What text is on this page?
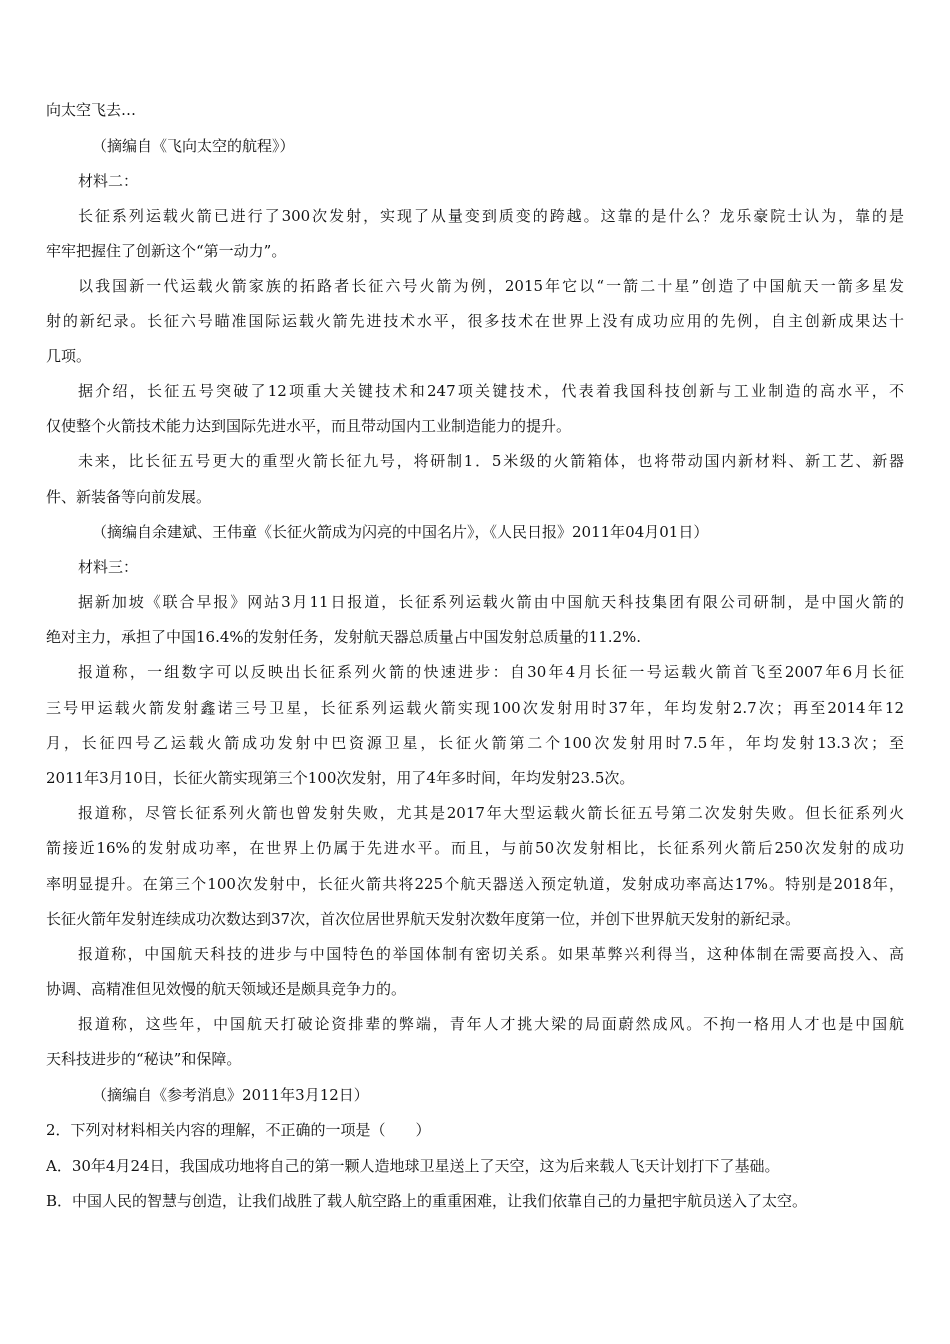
向太空飞去…
（摘编自《飞向太空的航程》）
材料二：
长征系列运载火箭已进行了300次发射，实现了从量变到质变的跨越。这靠的是什么？龙乐豪院士认为，靠的是
牢牢把握住了创新这个“第一动力”。
以我国新一代运载火箭家族的拓路者长征六号火箭为例，2015年它以“一箭二十星”创造了中国航天一箭多星发
射的新纪录。长征六号瞄准国际运载火箭先进技术水平，很多技术在世界上没有成功应用的先例，自主创新成果达十
几项。
据介绍，长征五号突破了12项重大关键技术和247项关键技术，代表着我国科技创新与工业制造的高水平，不
仅使整个火箭技术能力达到国际先进水平，而且带动国内工业制造能力的提升。
未来，比长征五号更大的重型火箭长征九号，将研制1．5米级的火箭箱体，也将带动国内新材料、新工艺、新器
件、新装备等向前发展。
（摘编自余建斌、王伟童《长征火箭成为闪亮的中国名片》，《人民日报》2011年04月01日）
材料三：
据新加坡《联合早报》网站3月11日报道，长征系列运载火箭由中国航天科技集团有限公司研制，是中国火箭的
绝对主力，承担了中国16.4%的发射任务，发射航天器总质量占中国发射总质量的11.2%.
报道称，一组数字可以反映出长征系列火箭的快速进步：自30年4月长征一号运载火箭首飞至2007年6月长征
三号甲运载火箭发射鑫诺三号卫星，长征系列运载火箭实现100次发射用时37年，年均发射2.7次；再至2014年12
月，长征四号乙运载火箭成功发射中巴资源卫星，长征火箭第二个100次发射用时7.5年，年均发射13.3次；至
2011年3月10日，长征火箭实现第三个100次发射，用了4年多时间，年均发射23.5次。
报道称，尽管长征系列火箭也曾发射失败，尤其是2017年大型运载火箭长征五号第二次发射失败。但长征系列火
箭接近16%的发射成功率，在世界上仍属于先进水平。而且，与前50次发射相比，长征系列火箭后250次发射的成功
率明显提升。在第三个100次发射中，长征火箭共将225个航天器送入预定轨道，发射成功率高达17%。特别是2018年，
长征火箭年发射连续成功次数达到37次，首次位居世界航天发射次数年度第一位，并创下世界航天发射的新纪录。
报道称，中国航天科技的进步与中国特色的举国体制有密切关系。如果革弊兴利得当，这种体制在需要高投入、高
协调、高精准但见效慢的航天领域还是颇具竞争力的。
报道称，这些年，中国航天打破论资排辈的弊端，青年人才挑大梁的局面蔚然成风。不拘一格用人才也是中国航
天科技进步的“秘诀”和保障。
（摘编自《参考消息》2011年3月12日）
2．下列对材料相关内容的理解，不正确的一项是（　　）
A．30年4月24日，我国成功地将自己的第一颗人造地球卫星送上了天空，这为后来载人飞天计划打下了基础。
B．中国人民的智慧与创造，让我们战胜了载人航空路上的重重困难，让我们依靠自己的力量把宇航员送入了太空。
